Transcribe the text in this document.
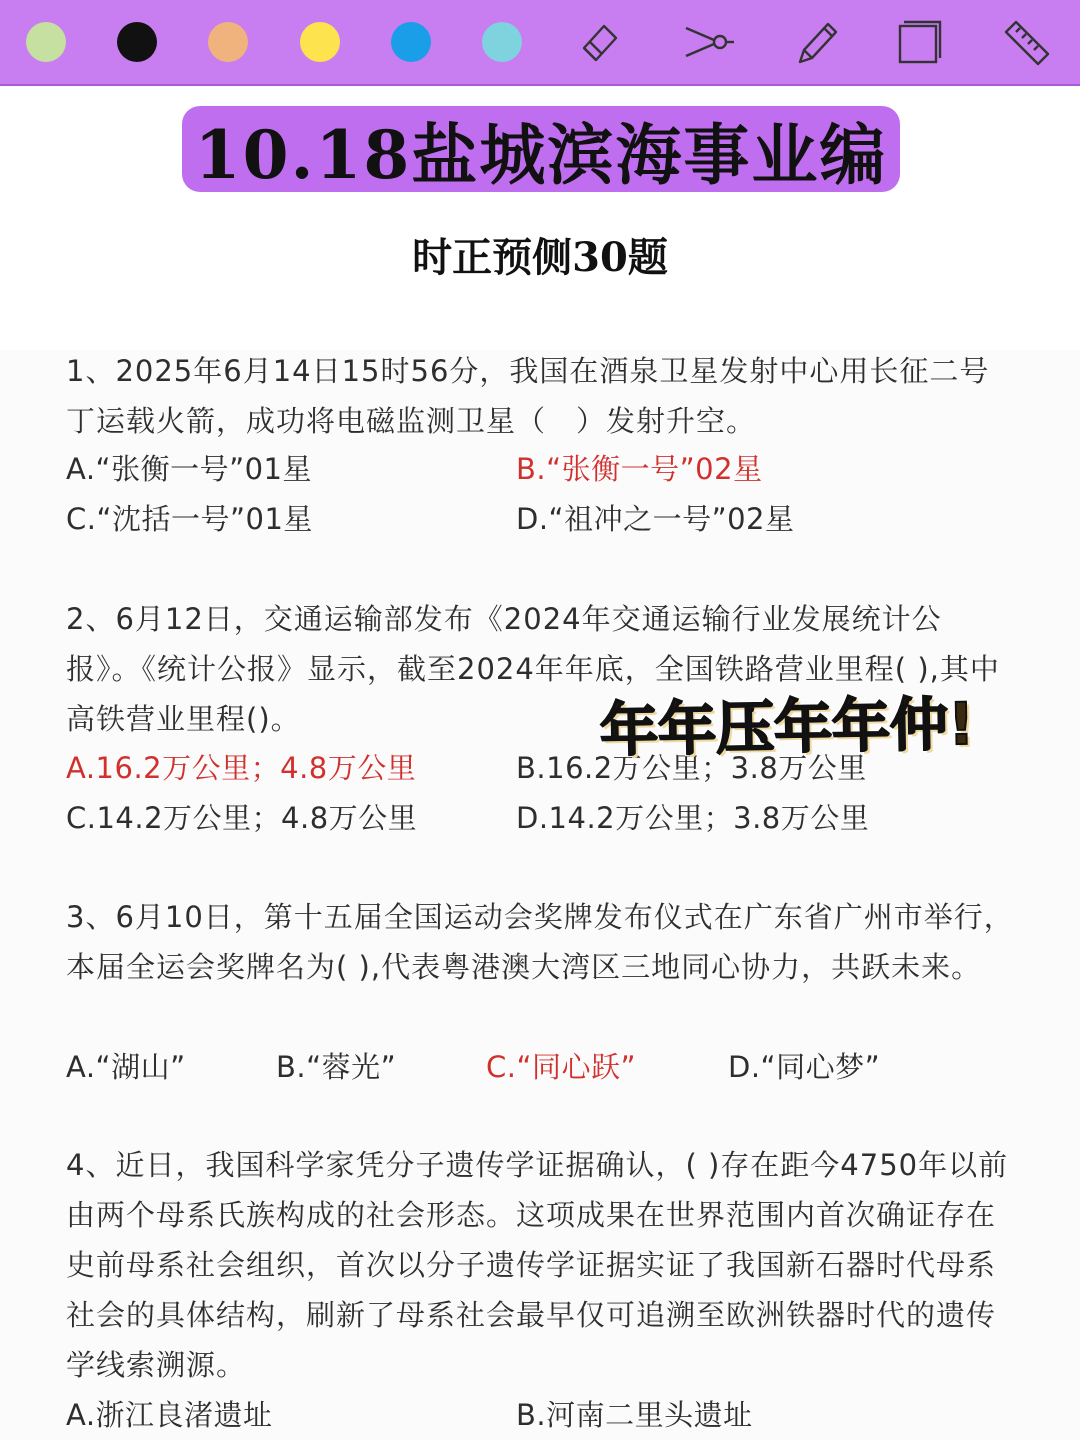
10.18盐城滨海事业编
时正预侧30题
1、2025年6月14日15时56分，我国在酒泉卫星发射中心用长征二号丁运载火箭，成功将电磁监测卫星（　）发射升空。
A.“张衡一号”01星	B.“张衡一号”02星
C.“沈括一号”01星	D.“祖冲之一号”02星
2、6月12日，交通运输部发布《2024年交通运输行业发展统计公报》。《统计公报》显示，截至2024年年底，全国铁路营业里程( ),其中高铁营业里程()。
A.16.2万公里；4.8万公里	B.16.2万公里；3.8万公里
C.14.2万公里；4.8万公里	D.14.2万公里；3.8万公里
年年压年年仲!
3、6月10日，第十五届全国运动会奖牌发布仪式在广东省广州市举行，本届全运会奖牌名为( ),代表粤港澳大湾区三地同心协力，共跃未来。
A.“湖山”	B.“蓉光”	C.“同心跃”	D.“同心梦”
4、近日，我国科学家凭分子遗传学证据确认，( )存在距今4750年以前由两个母系氏族构成的社会形态。这项成果在世界范围内首次确证存在史前母系社会组织，首次以分子遗传学证据实证了我国新石器时代母系社会的具体结构，刷新了母系社会最早仅可追溯至欧洲铁器时代的遗传学线索溯源。
A.浙江良渚遗址	B.河南二里头遗址
